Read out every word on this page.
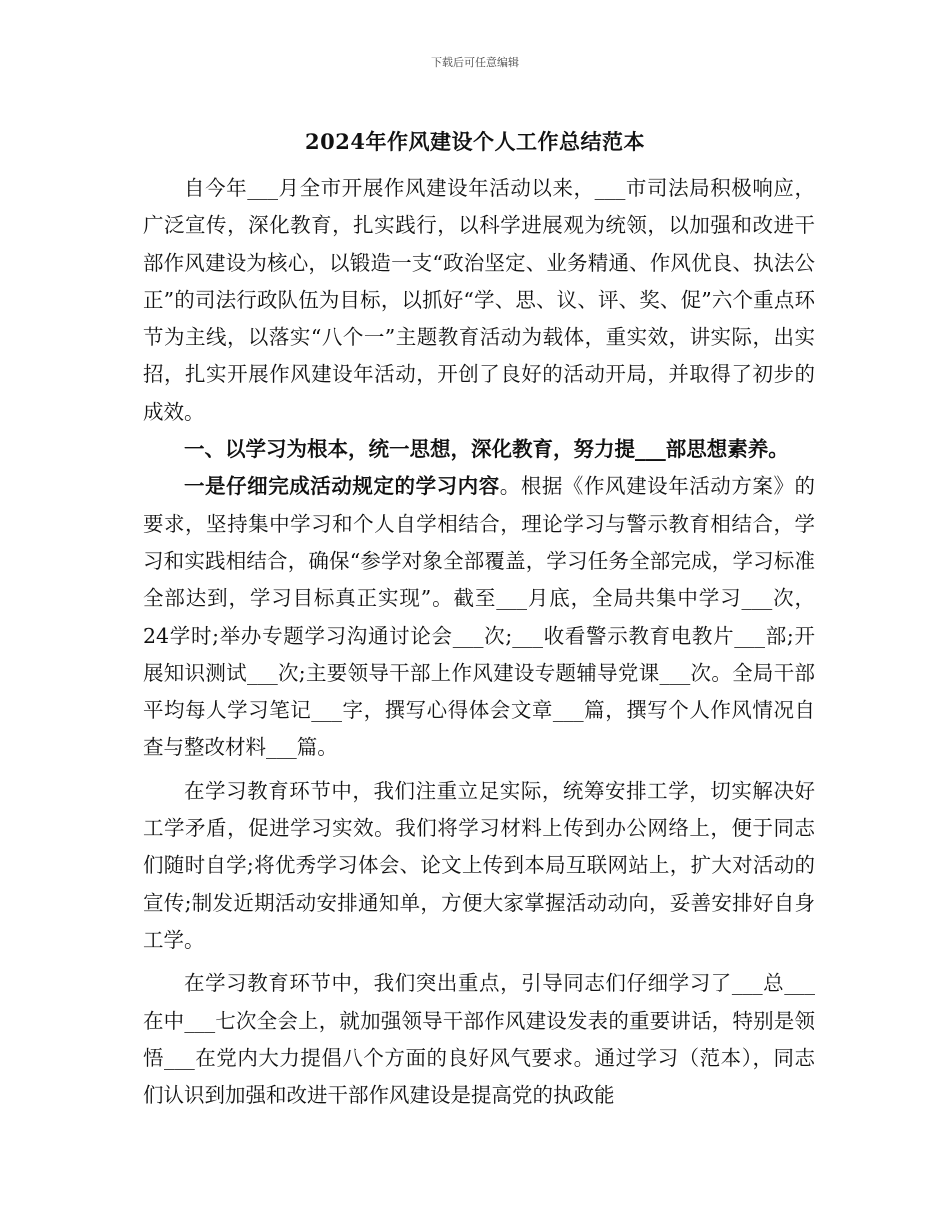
下载后可任意编辑
2024年作风建设个人工作总结范本

自今年___月全市开展作风建设年活动以来，___市司法局积极响应，广泛宣传，深化教育，扎实践行，以科学进展观为统领，以加强和改进干部作风建设为核心，以锻造一支“政治坚定、业务精通、作风优良、执法公正”的司法行政队伍为目标，以抓好“学、思、议、评、奖、促”六个重点环节为主线，以落实“八个一”主题教育活动为载体，重实效，讲实际，出实招，扎实开展作风建设年活动，开创了良好的活动开局，并取得了初步的成效。

一、以学习为根本，统一思想，深化教育，努力提___部思想素养。

一是仔细完成活动规定的学习内容。根据《作风建设年活动方案》的要求，坚持集中学习和个人自学相结合，理论学习与警示教育相结合，学习和实践相结合，确保“参学对象全部覆盖，学习任务全部完成，学习标准全部达到，学习目标真正实现”。截至___月底，全局共集中学习___次，24学时;举办专题学习沟通讨论会___次;___收看警示教育电教片___部;开展知识测试___次;主要领导干部上作风建设专题辅导党课___次。全局干部平均每人学习笔记___字，撰写心得体会文章___篇，撰写个人作风情况自查与整改材料___篇。

在学习教育环节中，我们注重立足实际，统筹安排工学，切实解决好工学矛盾，促进学习实效。我们将学习材料上传到办公网络上，便于同志们随时自学;将优秀学习体会、论文上传到本局互联网站上，扩大对活动的宣传;制发近期活动安排通知单，方便大家掌握活动动向，妥善安排好自身工学。

在学习教育环节中，我们突出重点，引导同志们仔细学习了___总___在中___七次全会上，就加强领导干部作风建设发表的重要讲话，特别是领悟___在党内大力提倡八个方面的良好风气要求。通过学习（范本），同志们认识到加强和改进干部作风建设是提高党的执政能
